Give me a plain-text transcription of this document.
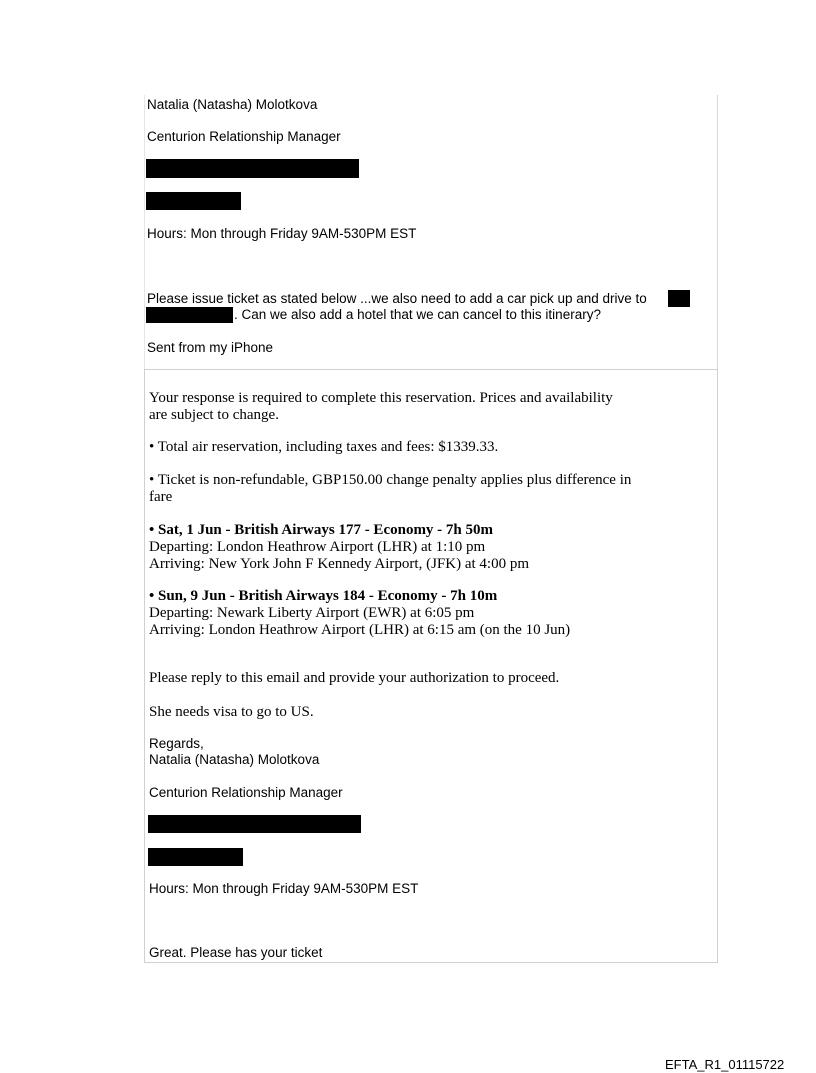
Natalia (Natasha) Molotkova
Centurion Relationship Manager
Hours: Mon through Friday 9AM-530PM EST
Please issue ticket as stated below ...we also need to add a car pick up and drive to
. Can we also add a hotel that we can cancel to this itinerary?
Sent from my iPhone
Your response is required to complete this reservation. Prices and availability
are subject to change.
• Total air reservation, including taxes and fees: $1339.33.
• Ticket is non-refundable, GBP150.00 change penalty applies plus difference in
fare
• Sat, 1 Jun - British Airways 177 - Economy - 7h 50m
Departing: London Heathrow Airport (LHR) at 1:10 pm
Arriving: New York John F Kennedy Airport, (JFK) at 4:00 pm
• Sun, 9 Jun - British Airways 184 - Economy - 7h 10m
Departing: Newark Liberty Airport (EWR) at 6:05 pm
Arriving: London Heathrow Airport (LHR) at 6:15 am (on the 10 Jun)
Please reply to this email and provide your authorization to proceed.
She needs visa to go to US.
Regards,
Natalia (Natasha) Molotkova
Centurion Relationship Manager
Hours: Mon through Friday 9AM-530PM EST
Great. Please has your ticket
EFTA_R1_01115722
